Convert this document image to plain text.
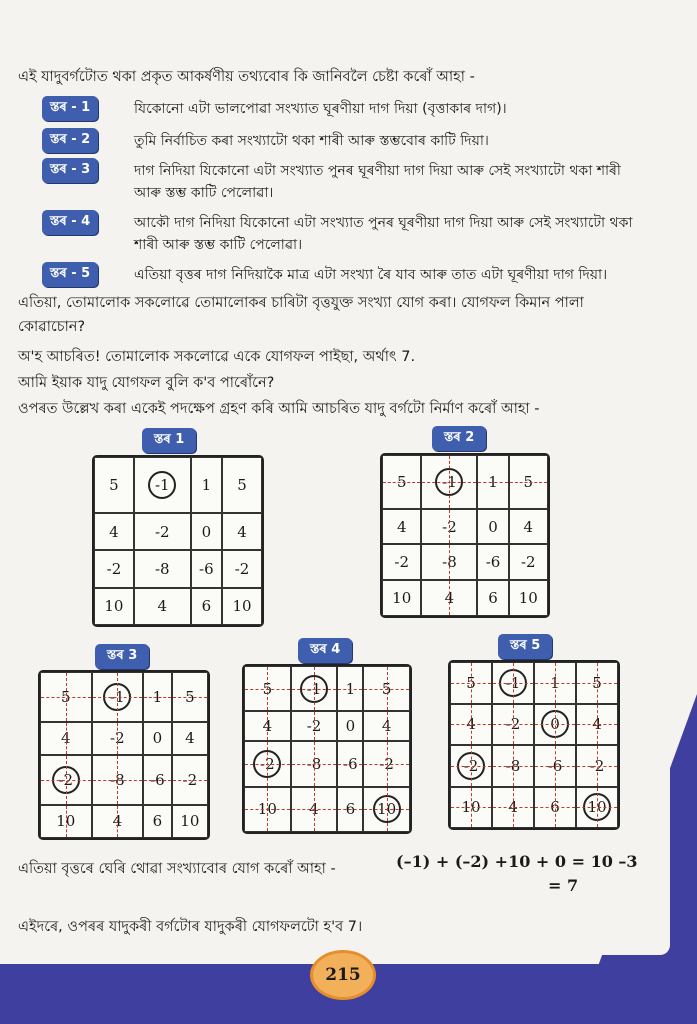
এই যাদুবৰ্গটোত থকা প্ৰকৃত আকৰ্ষণীয় তথ্যবোৰ কি জানিবলৈ চেষ্টা কৰোঁ আহা -
স্তৰ - 1	যিকোনো এটা ভালপোৱা সংখ্যাত ঘূৰণীয়া দাগ দিয়া (বৃত্তাকাৰ দাগ)।
স্তৰ - 2	তুমি নিৰ্বাচিত কৰা সংখ্যাটো থকা শাৰী আৰু স্তম্ভবোৰ কাটি দিয়া।
স্তৰ - 3	দাগ নিদিয়া যিকোনো এটা সংখ্যাত পুনৰ ঘূৰণীয়া দাগ দিয়া আৰু সেই সংখ্যাটো থকা শাৰী আৰু স্তম্ভ কাটি পেলোৱা।
স্তৰ - 4	আকৌ দাগ নিদিয়া যিকোনো এটা সংখ্যাত পুনৰ ঘূৰণীয়া দাগ দিয়া আৰু সেই সংখ্যাটো থকা শাৰী আৰু স্তম্ভ কাটি পেলোৱা।
স্তৰ - 5	এতিয়া বৃত্তৰ দাগ নিদিয়াকৈ মাত্ৰ এটা সংখ্যা ৰৈ যাব আৰু তাত এটা ঘূৰণীয়া দাগ দিয়া।
এতিয়া, তোমালোক সকলোৱে তোমালোকৰ চাৰিটা বৃত্তযুক্ত সংখ্যা যোগ কৰা। যোগফল কিমান পালা
কোৱাচোন?
অ'হ আচৰিত! তোমালোক সকলোৱে একে যোগফল পাইছা, অৰ্থাৎ 7.
আমি ইয়াক যাদু যোগফল বুলি ক'ব পাৰোঁনে?
ওপৰত উল্লেখ কৰা একেই পদক্ষেপ গ্ৰহণ কৰি আমি আচৰিত যাদু বৰ্গটো নিৰ্মাণ কৰোঁ আহা -
স্তৰ 1	স্তৰ 2
স্তৰ 3	স্তৰ 4	স্তৰ 5
5	-1	1	5
4	-2	0	4
-2	-8	-6	-2
10	4	6	10
5	-1	1	5
4	-2	0	4
-2	-8	-6	-2
10	4	6	10
5	-1	1	5

4	-2	0	4

-2	-8	-6	-2

10	4	6	10
5	-1	1	5

4	-2	0	4

-2	-8	-6	-2

10	4	6	10
5	-1	1	5

4	-2	0	4

-2	-8	-6	-2

10	4	6	10
এতিয়া বৃত্তৰে ঘেৰি থোৱা সংখ্যাবোৰ যোগ কৰোঁ আহা -	(–1) + (–2) +10 + 0 = 10 –3
= 7
এইদৰে, ওপৰৰ যাদুকৰী বৰ্গটোৰ যাদুকৰী যোগফলটো হ'ব 7।
215
